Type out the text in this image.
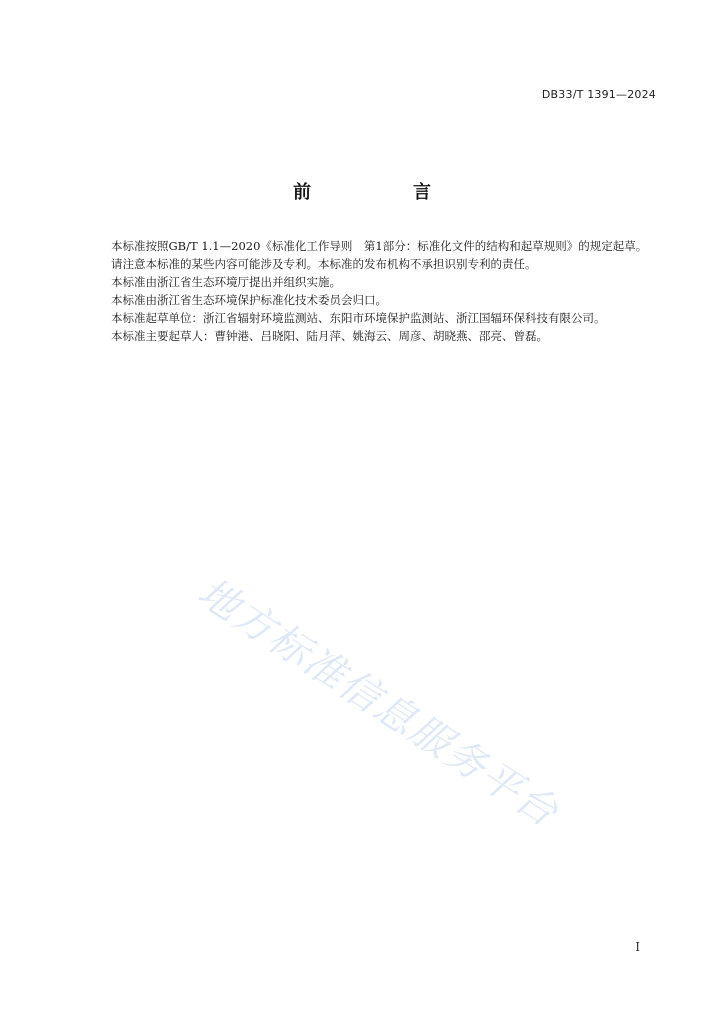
DB33/T 1391—2024
前　言

本标准按照GB/T 1.1—2020《标准化工作导则　第1部分：标准化文件的结构和起草规则》的规定起草。

请注意本标准的某些内容可能涉及专利。本标准的发布机构不承担识别专利的责任。

本标准由浙江省生态环境厅提出并组织实施。

本标准由浙江省生态环境保护标准化技术委员会归口。

本标准起草单位：浙江省辐射环境监测站、东阳市环境保护监测站、浙江国辐环保科技有限公司。

本标准主要起草人：曹钟港、吕晓阳、陆月萍、姚海云、周彦、胡晓燕、邵亮、曾磊。

地方标准信息服务平台
I
